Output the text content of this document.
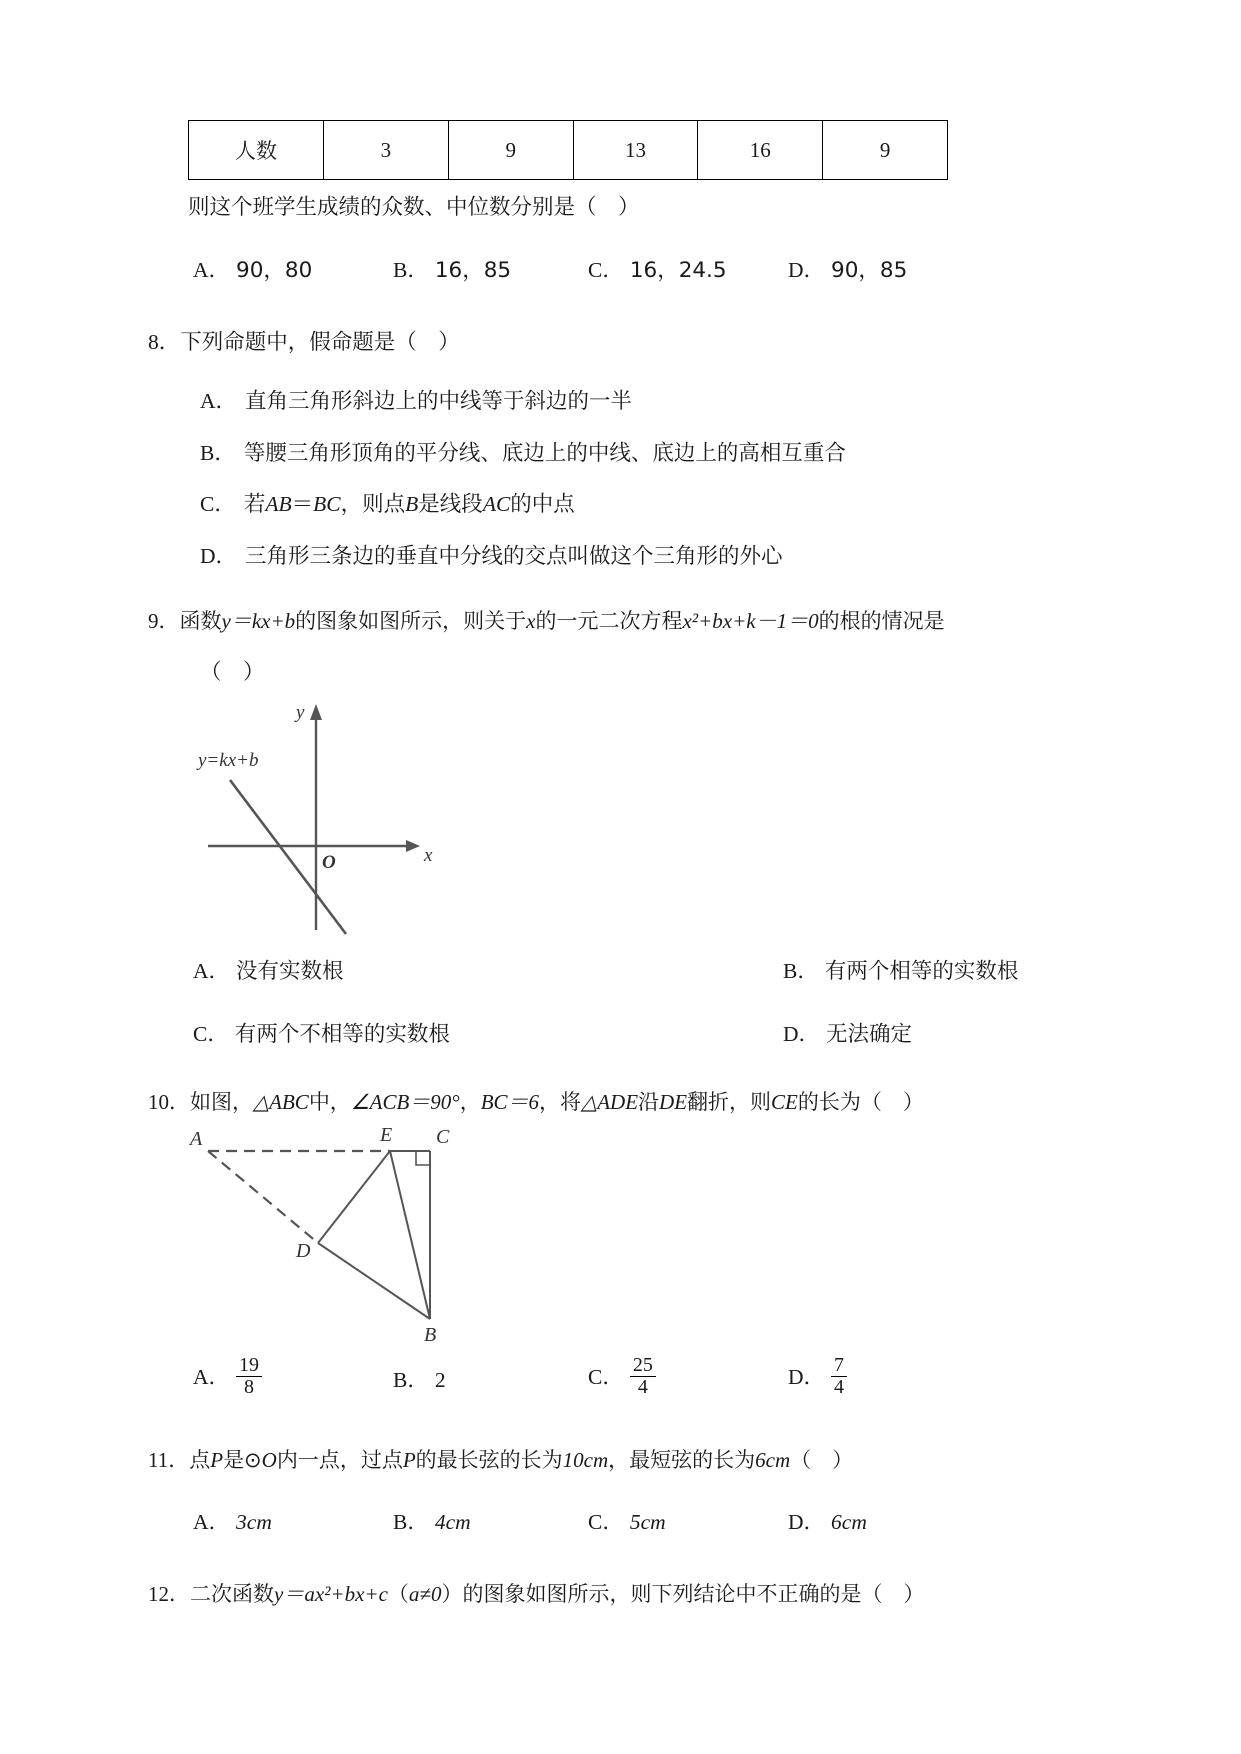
人数	3	9	13	16	9
则这个班学生成绩的众数、中位数分别是（　）
A． 90，80	B． 16，85	C． 16，24.5	D． 90，85
8．下列命题中，假命题是（　）
A． 直角三角形斜边上的中线等于斜边的一半
B． 等腰三角形顶角的平分线、底边上的中线、底边上的高相互重合
C． 若AB＝BC，则点B是线段AC的中点
D． 三角形三条边的垂直中分线的交点叫做这个三角形的外心
9．函数y＝kx+b的图象如图所示，则关于x的一元二次方程x²+bx+k－1＝0的根的情况是
（　）
y
x
O
y=kx+b
A． 没有实数根	B． 有两个相等的实数根
C． 有两个不相等的实数根	D． 无法确定
10．如图，△ABC中，∠ACB＝90°，BC＝6，将△ADE沿DE翻折，则CE的长为（　）
A	E C
D
B
A． $\frac{19}{8}$	B． 2	C． $\frac{25}{4}$	D． $\frac{7}{4}$
11．点P是⊙O内一点，过点P的最长弦的长为10cm，最短弦的长为6cm（　）
A． 3cm	B． 4cm	C． 5cm	D． 6cm
12．二次函数y＝ax²+bx+c（a≠0）的图象如图所示，则下列结论中不正确的是（　）
